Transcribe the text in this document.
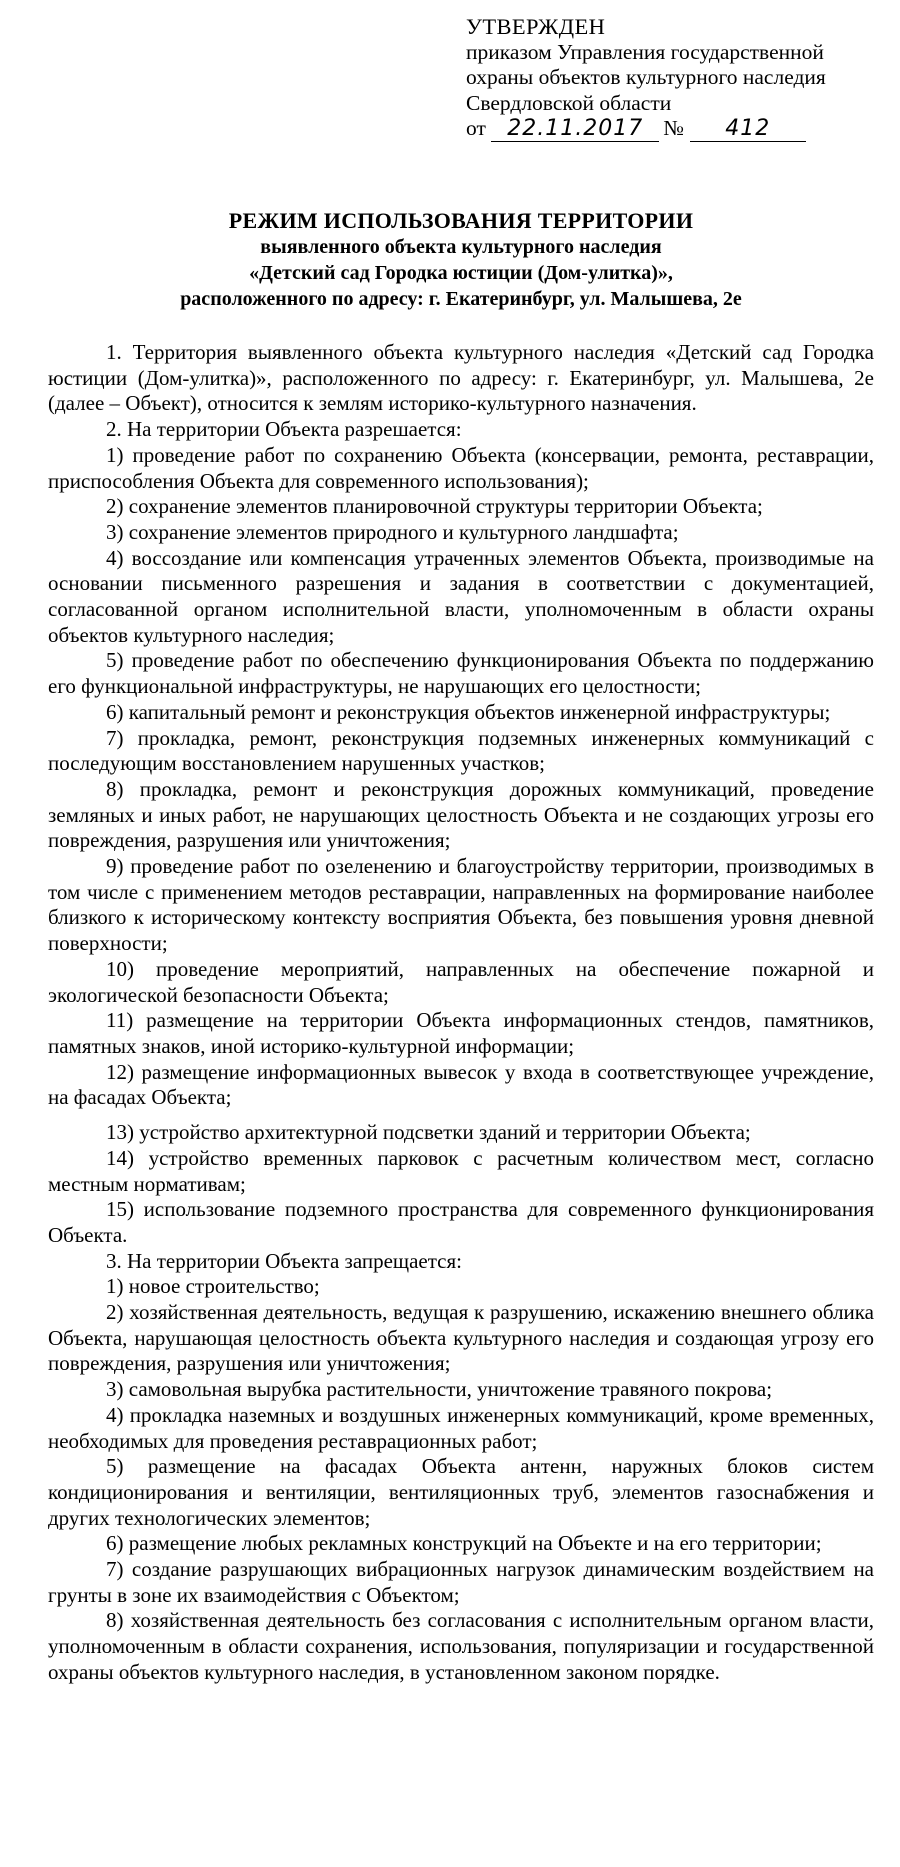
УТВЕРЖДЕН
приказом Управления государственной
охраны объектов культурного наследия
Свердловской области
от
22.11.2017 №	412
РЕЖИМ ИСПОЛЬЗОВАНИЯ ТЕРРИТОРИИ
выявленного объекта культурного наследия
«Детский сад Городка юстиции (Дом-улитка)»,
расположенного по адресу: г. Екатеринбург, ул. Малышева, 2е

1. Территория выявленного объекта культурного наследия «Детский сад Городка юстиции (Дом-улитка)», расположенного по адресу: г. Екатеринбург, ул. Малышева, 2е (далее – Объект), относится к землям историко-культурного назначения.

2. На территории Объекта разрешается:

1) проведение работ по сохранению Объекта (консервации, ремонта, реставрации, приспособления Объекта для современного использования);

2) сохранение элементов планировочной структуры территории Объекта;

3) сохранение элементов природного и культурного ландшафта;

4) воссоздание или компенсация утраченных элементов Объекта, производимые на основании письменного разрешения и задания в соответствии с документацией, согласованной органом исполнительной власти, уполномоченным в области охраны объектов культурного наследия;

5) проведение работ по обеспечению функционирования Объекта по поддержанию его функциональной инфраструктуры, не нарушающих его целостности;

6) капитальный ремонт и реконструкция объектов инженерной инфраструктуры;

7) прокладка, ремонт, реконструкция подземных инженерных коммуникаций с последующим восстановлением нарушенных участков;

8) прокладка, ремонт и реконструкция дорожных коммуникаций, проведение земляных и иных работ, не нарушающих целостность Объекта и не создающих угрозы его повреждения, разрушения или уничтожения;

9) проведение работ по озеленению и благоустройству территории, производимых в том числе с применением методов реставрации, направленных на формирование наиболее близкого к историческому контексту восприятия Объекта, без повышения уровня дневной поверхности;

10) проведение мероприятий, направленных на обеспечение пожарной и экологической безопасности Объекта;

11) размещение на территории Объекта информационных стендов, памятников, памятных знаков, иной историко-культурной информации;

12) размещение информационных вывесок у входа в соответствующее учреждение, на фасадах Объекта;

13) устройство архитектурной подсветки зданий и территории Объекта;

14) устройство временных парковок с расчетным количеством мест, согласно местным нормативам;

15) использование подземного пространства для современного функционирования Объекта.

3. На территории Объекта запрещается:

1) новое строительство;

2) хозяйственная деятельность, ведущая к разрушению, искажению внешнего облика Объекта, нарушающая целостность объекта культурного наследия и создающая угрозу его повреждения, разрушения или уничтожения;

3) самовольная вырубка растительности, уничтожение травяного покрова;

4) прокладка наземных и воздушных инженерных коммуникаций, кроме временных, необходимых для проведения реставрационных работ;

5) размещение на фасадах Объекта антенн, наружных блоков систем кондиционирования и вентиляции, вентиляционных труб, элементов газоснабжения и других технологических элементов;

6) размещение любых рекламных конструкций на Объекте и на его территории;

7) создание разрушающих вибрационных нагрузок динамическим воздействием на грунты в зоне их взаимодействия с Объектом;

8) хозяйственная деятельность без согласования с исполнительным органом власти, уполномоченным в области сохранения, использования, популяризации и государственной охраны объектов культурного наследия, в установленном законом порядке.
